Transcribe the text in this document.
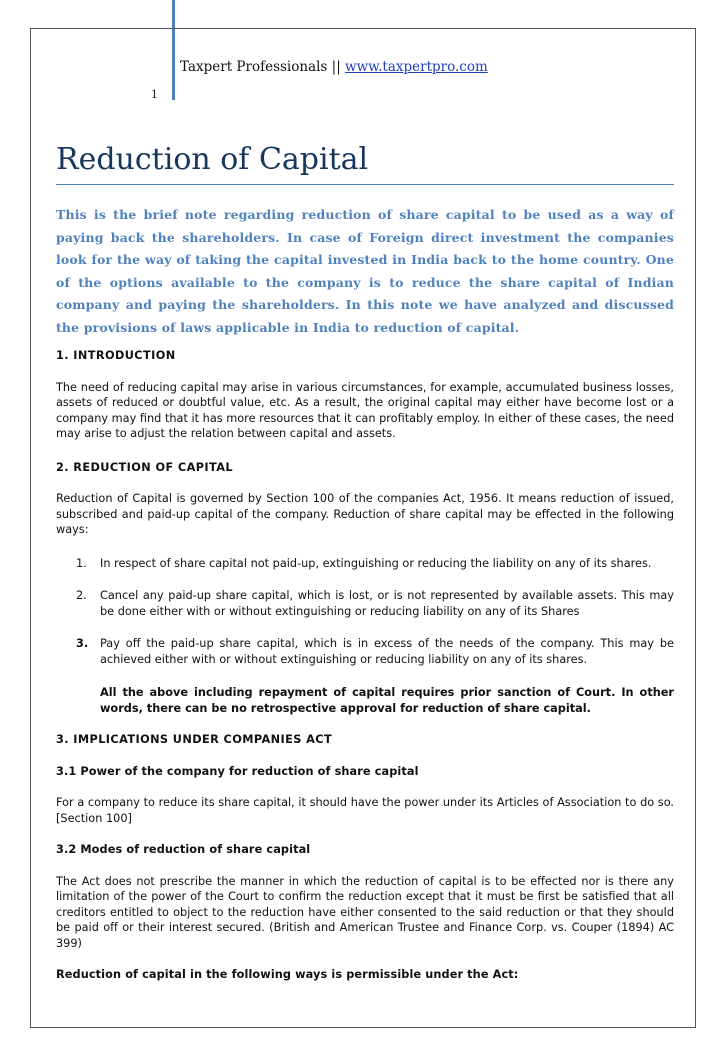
Taxpert Professionals || www.taxpertpro.com
1
Reduction of Capital

This is the brief note regarding reduction of share capital to be used as a way of paying back the shareholders. In case of Foreign direct investment the companies look for the way of taking the capital invested in India back to the home country. One of the options available to the company is to reduce the share capital of Indian company and paying the shareholders. In this note we have analyzed and discussed the provisions of laws applicable in India to reduction of capital.

1. INTRODUCTION

The need of reducing capital may arise in various circumstances, for example, accumulated business losses, assets of reduced or doubtful value, etc. As a result, the original capital may either have become lost or a company may find that it has more resources that it can profitably employ. In either of these cases, the need may arise to adjust the relation between capital and assets.

2. REDUCTION OF CAPITAL

Reduction of Capital is governed by Section 100 of the companies Act, 1956. It means reduction of issued, subscribed and paid-up capital of the company. Reduction of share capital may be effected in the following ways:

1. In respect of share capital not paid-up, extinguishing or reducing the liability on any of its shares.
2. Cancel any paid-up share capital, which is lost, or is not represented by available assets. This may be done either with or without extinguishing or reducing liability on any of its Shares
3. Pay off the paid-up share capital, which is in excess of the needs of the company. This may be achieved either with or without extinguishing or reducing liability on any of its shares.

All the above including repayment of capital requires prior sanction of Court. In other words, there can be no retrospective approval for reduction of share capital.

3. IMPLICATIONS UNDER COMPANIES ACT
3.1 Power of the company for reduction of share capital

For a company to reduce its share capital, it should have the power under its Articles of Association to do so. [Section 100]

3.2 Modes of reduction of share capital

The Act does not prescribe the manner in which the reduction of capital is to be effected nor is there any limitation of the power of the Court to confirm the reduction except that it must be first be satisfied that all creditors entitled to object to the reduction have either consented to the said reduction or that they should be paid off or their interest secured. (British and American Trustee and Finance Corp. vs. Couper (1894) AC 399)

Reduction of capital in the following ways is permissible under the Act:
